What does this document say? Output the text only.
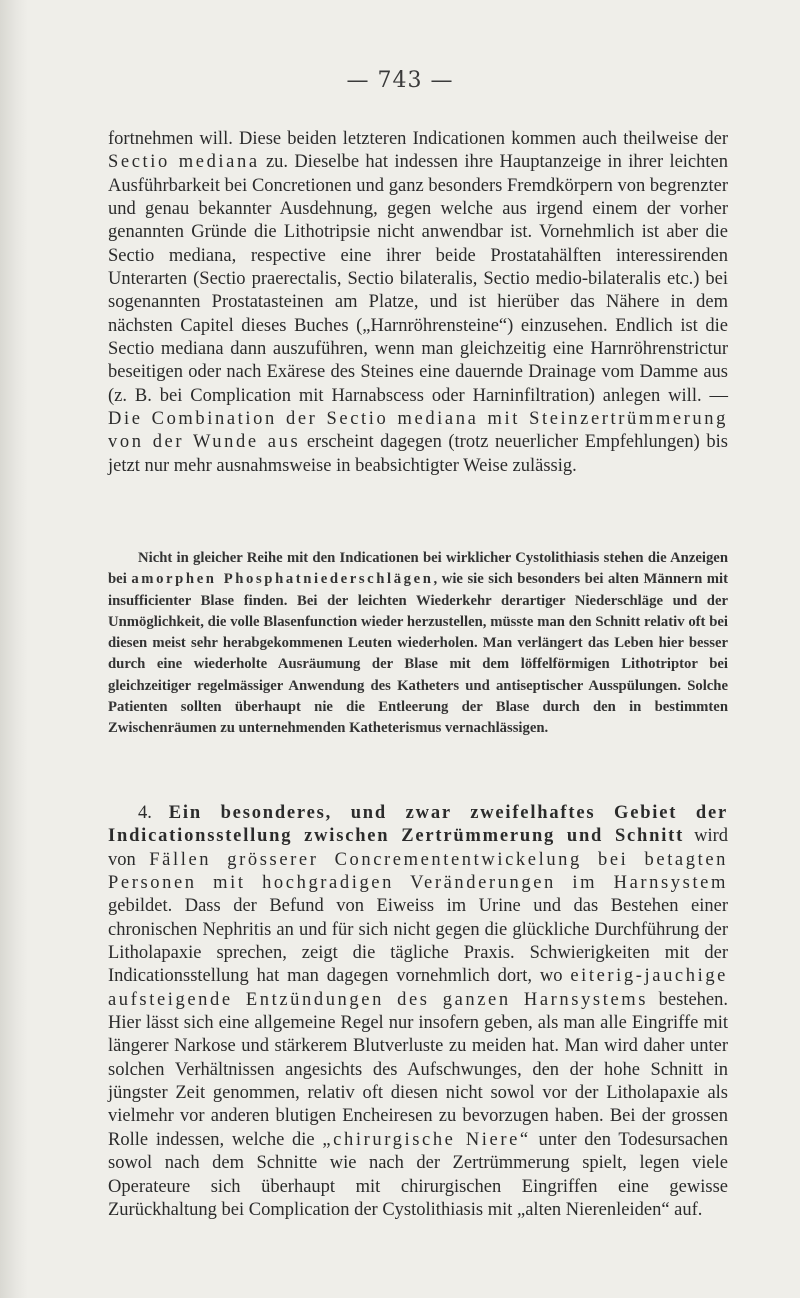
— 743 —

fortnehmen will. Diese beiden letzteren Indicationen kommen auch theilweise der Sectio mediana zu. Dieselbe hat indessen ihre Hauptanzeige in ihrer leichten Ausführbarkeit bei Concretionen und ganz besonders Fremdkörpern von begrenzter und genau bekannter Ausdehnung, gegen welche aus irgend einem der vorher genannten Gründe die Lithotripsie nicht anwendbar ist. Vornehmlich ist aber die Sectio mediana, respective eine ihrer beide Prostatahälften interessirenden Unterarten (Sectio praerectalis, Sectio bilateralis, Sectio medio-bilateralis etc.) bei sogenannten Prostatasteinen am Platze, und ist hierüber das Nähere in dem nächsten Capitel dieses Buches („Harnröhrensteine“) einzusehen. Endlich ist die Sectio mediana dann auszuführen, wenn man gleichzeitig eine Harnröhrenstrictur beseitigen oder nach Exärese des Steines eine dauernde Drainage vom Damme aus (z. B. bei Complication mit Harnabscess oder Harninfiltration) anlegen will. — Die Combination der Sectio mediana mit Steinzertrümmerung von der Wunde aus erscheint dagegen (trotz neuerlicher Empfehlungen) bis jetzt nur mehr ausnahmsweise in beabsichtigter Weise zulässig.

Nicht in gleicher Reihe mit den Indicationen bei wirklicher Cystolithiasis stehen die Anzeigen bei amorphen Phosphatniederschlägen, wie sie sich besonders bei alten Männern mit insufficienter Blase finden. Bei der leichten Wiederkehr derartiger Niederschläge und der Unmöglichkeit, die volle Blasenfunction wieder herzustellen, müsste man den Schnitt relativ oft bei diesen meist sehr herabgekommenen Leuten wiederholen. Man verlängert das Leben hier besser durch eine wiederholte Ausräumung der Blase mit dem löffelförmigen Lithotriptor bei gleichzeitiger regelmässiger Anwendung des Katheters und antiseptischer Ausspülungen. Solche Patienten sollten überhaupt nie die Entleerung der Blase durch den in bestimmten Zwischenräumen zu unternehmenden Katheterismus vernachlässigen.

4. Ein besonderes, und zwar zweifelhaftes Gebiet der Indicationsstellung zwischen Zertrümmerung und Schnitt wird von Fällen grösserer Concremententwickelung bei betagten Personen mit hochgradigen Veränderungen im Harnsystem gebildet. Dass der Befund von Eiweiss im Urine und das Bestehen einer chronischen Nephritis an und für sich nicht gegen die glückliche Durchführung der Litholapaxie sprechen, zeigt die tägliche Praxis. Schwierigkeiten mit der Indicationsstellung hat man dagegen vornehmlich dort, wo eiterig-jauchige aufsteigende Entzündungen des ganzen Harnsystems bestehen. Hier lässt sich eine allgemeine Regel nur insofern geben, als man alle Eingriffe mit längerer Narkose und stärkerem Blutverluste zu meiden hat. Man wird daher unter solchen Verhältnissen angesichts des Aufschwunges, den der hohe Schnitt in jüngster Zeit genommen, relativ oft diesen nicht sowol vor der Litholapaxie als vielmehr vor anderen blutigen Encheiresen zu bevorzugen haben. Bei der grossen Rolle indessen, welche die „chirurgische Niere“ unter den Todesursachen sowol nach dem Schnitte wie nach der Zertrümmerung spielt, legen viele Operateure sich überhaupt mit chirurgischen Eingriffen eine gewisse Zurückhaltung bei Complication der Cystolithiasis mit „alten Nierenleiden“ auf.
